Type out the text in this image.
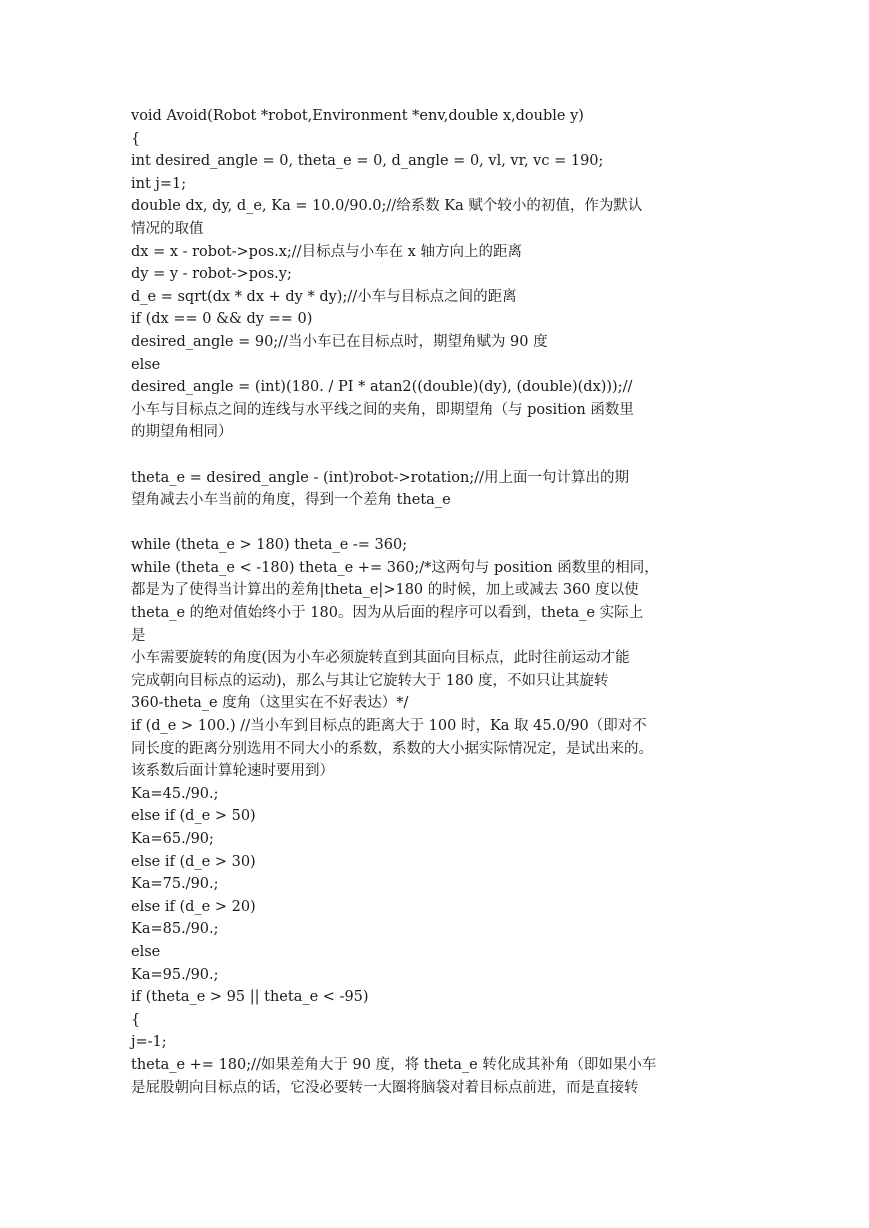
void Avoid(Robot *robot,Environment *env,double x,double y)
{
int desired_angle = 0, theta_e = 0, d_angle = 0, vl, vr, vc = 190;
int j=1;
double dx, dy, d_e, Ka = 10.0/90.0;//给系数 Ka 赋个较小的初值，作为默认
情况的取值
dx = x - robot->pos.x;//目标点与小车在 x 轴方向上的距离
dy = y - robot->pos.y;
d_e = sqrt(dx * dx + dy * dy);//小车与目标点之间的距离
if (dx == 0 && dy == 0)
desired_angle = 90;//当小车已在目标点时，期望角赋为 90 度
else
desired_angle = (int)(180. / PI * atan2((double)(dy), (double)(dx)));//
小车与目标点之间的连线与水平线之间的夹角，即期望角（与 position 函数里
的期望角相同）
theta_e = desired_angle - (int)robot->rotation;//用上面一句计算出的期
望角减去小车当前的角度，得到一个差角 theta_e
while (theta_e > 180) theta_e -= 360;
while (theta_e < -180) theta_e += 360;/*这两句与 position 函数里的相同，
都是为了使得当计算出的差角|theta_e|>180 的时候，加上或减去 360 度以使
theta_e 的绝对值始终小于 180。因为从后面的程序可以看到，theta_e 实际上
是
小车需要旋转的角度(因为小车必须旋转直到其面向目标点，此时往前运动才能
完成朝向目标点的运动)，那么与其让它旋转大于 180 度，不如只让其旋转
360-theta_e 度角（这里实在不好表达）*/
if (d_e > 100.) //当小车到目标点的距离大于 100 时，Ka 取 45.0/90（即对不
同长度的距离分别选用不同大小的系数，系数的大小据实际情况定，是试出来的。
该系数后面计算轮速时要用到）
Ka=45./90.;
else if (d_e > 50)
Ka=65./90;
else if (d_e > 30)
Ka=75./90.;
else if (d_e > 20)
Ka=85./90.;
else
Ka=95./90.;
if (theta_e > 95 || theta_e < -95)
{
j=-1;
theta_e += 180;//如果差角大于 90 度，将 theta_e 转化成其补角（即如果小车
是屁股朝向目标点的话，它没必要转一大圈将脑袋对着目标点前进，而是直接转
